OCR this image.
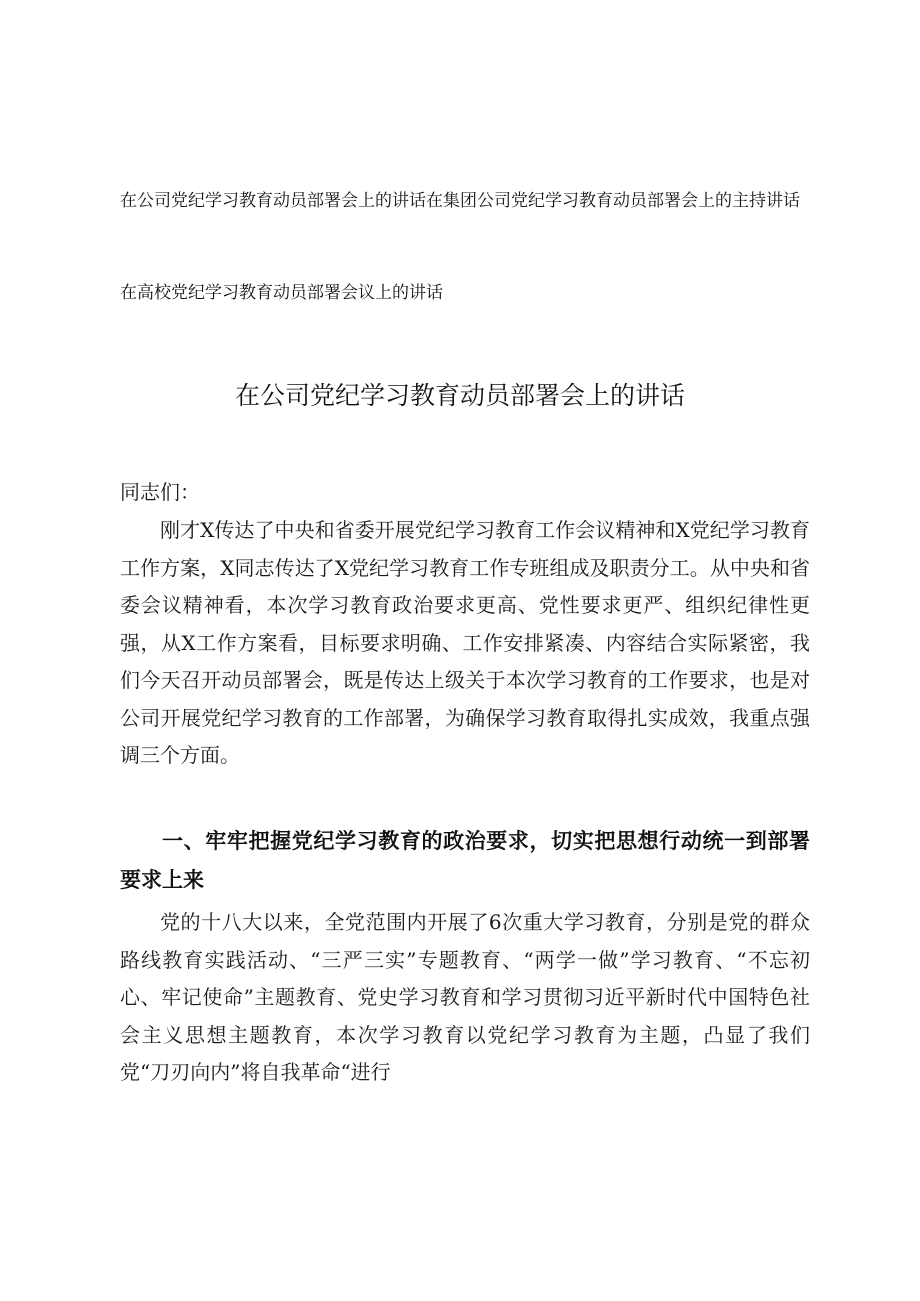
在公司党纪学习教育动员部署会上的讲话在集团公司党纪学习教育动员部署会上的主持讲话

在高校党纪学习教育动员部署会议上的讲话

在公司党纪学习教育动员部署会上的讲话

同志们：

刚才X传达了中央和省委开展党纪学习教育工作会议精神和X党纪学习教育工作方案，X同志传达了X党纪学习教育工作专班组成及职责分工。从中央和省委会议精神看，本次学习教育政治要求更高、党性要求更严、组织纪律性更强，从X工作方案看，目标要求明确、工作安排紧凑、内容结合实际紧密，我们今天召开动员部署会，既是传达上级关于本次学习教育的工作要求，也是对公司开展党纪学习教育的工作部署，为确保学习教育取得扎实成效，我重点强调三个方面。

一、牢牢把握党纪学习教育的政治要求，切实把思想行动统一到部署要求上来

党的十八大以来，全党范围内开展了6次重大学习教育，分别是党的群众路线教育实践活动、“三严三实”专题教育、“两学一做”学习教育、“不忘初心、牢记使命”主题教育、党史学习教育和学习贯彻习近平新时代中国特色社会主义思想主题教育，本次学习教育以党纪学习教育为主题，凸显了我们党“刀刃向内”将自我革命“进行
